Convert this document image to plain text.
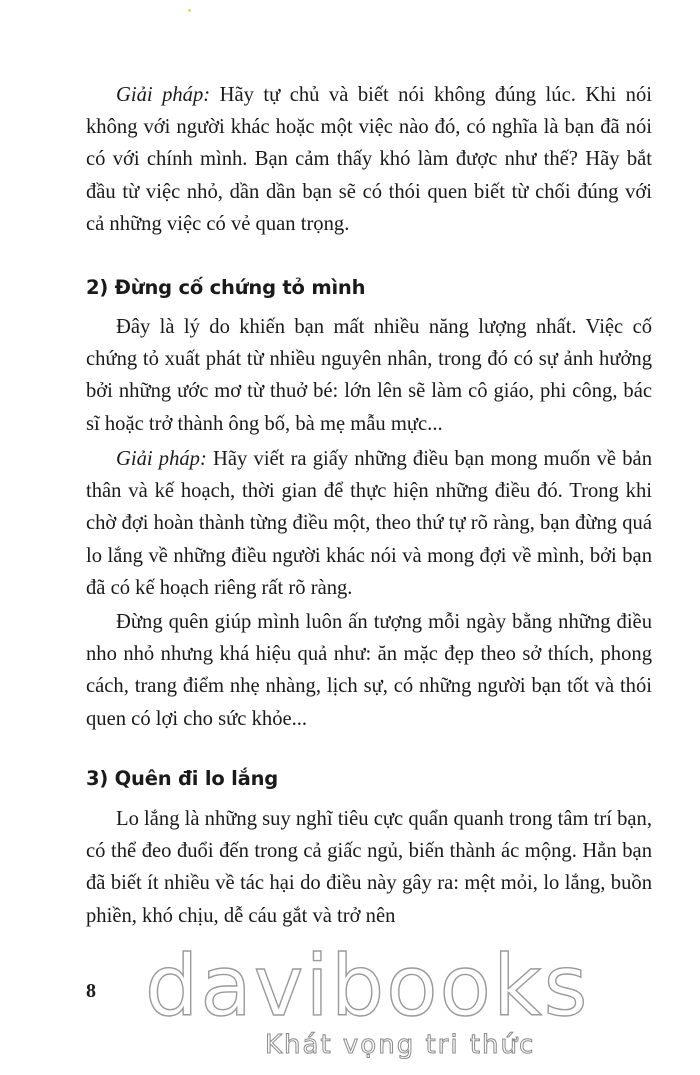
Giải pháp: Hãy tự chủ và biết nói không đúng lúc. Khi nói không với người khác hoặc một việc nào đó, có nghĩa là bạn đã nói có với chính mình. Bạn cảm thấy khó làm được như thế? Hãy bắt đầu từ việc nhỏ, dần dần bạn sẽ có thói quen biết từ chối đúng với cả những việc có vẻ quan trọng.

2) Đừng cố chứng tỏ mình

Đây là lý do khiến bạn mất nhiều năng lượng nhất. Việc cố chứng tỏ xuất phát từ nhiều nguyên nhân, trong đó có sự ảnh hưởng bởi những ước mơ từ thuở bé: lớn lên sẽ làm cô giáo, phi công, bác sĩ hoặc trở thành ông bố, bà mẹ mẫu mực...

Giải pháp: Hãy viết ra giấy những điều bạn mong muốn về bản thân và kế hoạch, thời gian để thực hiện những điều đó. Trong khi chờ đợi hoàn thành từng điều một, theo thứ tự rõ ràng, bạn đừng quá lo lắng về những điều người khác nói và mong đợi về mình, bởi bạn đã có kế hoạch riêng rất rõ ràng.

Đừng quên giúp mình luôn ấn tượng mỗi ngày bằng những điều nho nhỏ nhưng khá hiệu quả như: ăn mặc đẹp theo sở thích, phong cách, trang điểm nhẹ nhàng, lịch sự, có những người bạn tốt và thói quen có lợi cho sức khỏe...

3) Quên đi lo lắng

Lo lắng là những suy nghĩ tiêu cực quẩn quanh trong tâm trí bạn, có thể đeo đuổi đến trong cả giấc ngủ, biến thành ác mộng. Hẳn bạn đã biết ít nhiều về tác hại do điều này gây ra: mệt mỏi, lo lắng, buồn phiền, khó chịu, dễ cáu gắt và trở nên

8 davibooks
Khát vọng tri thức
